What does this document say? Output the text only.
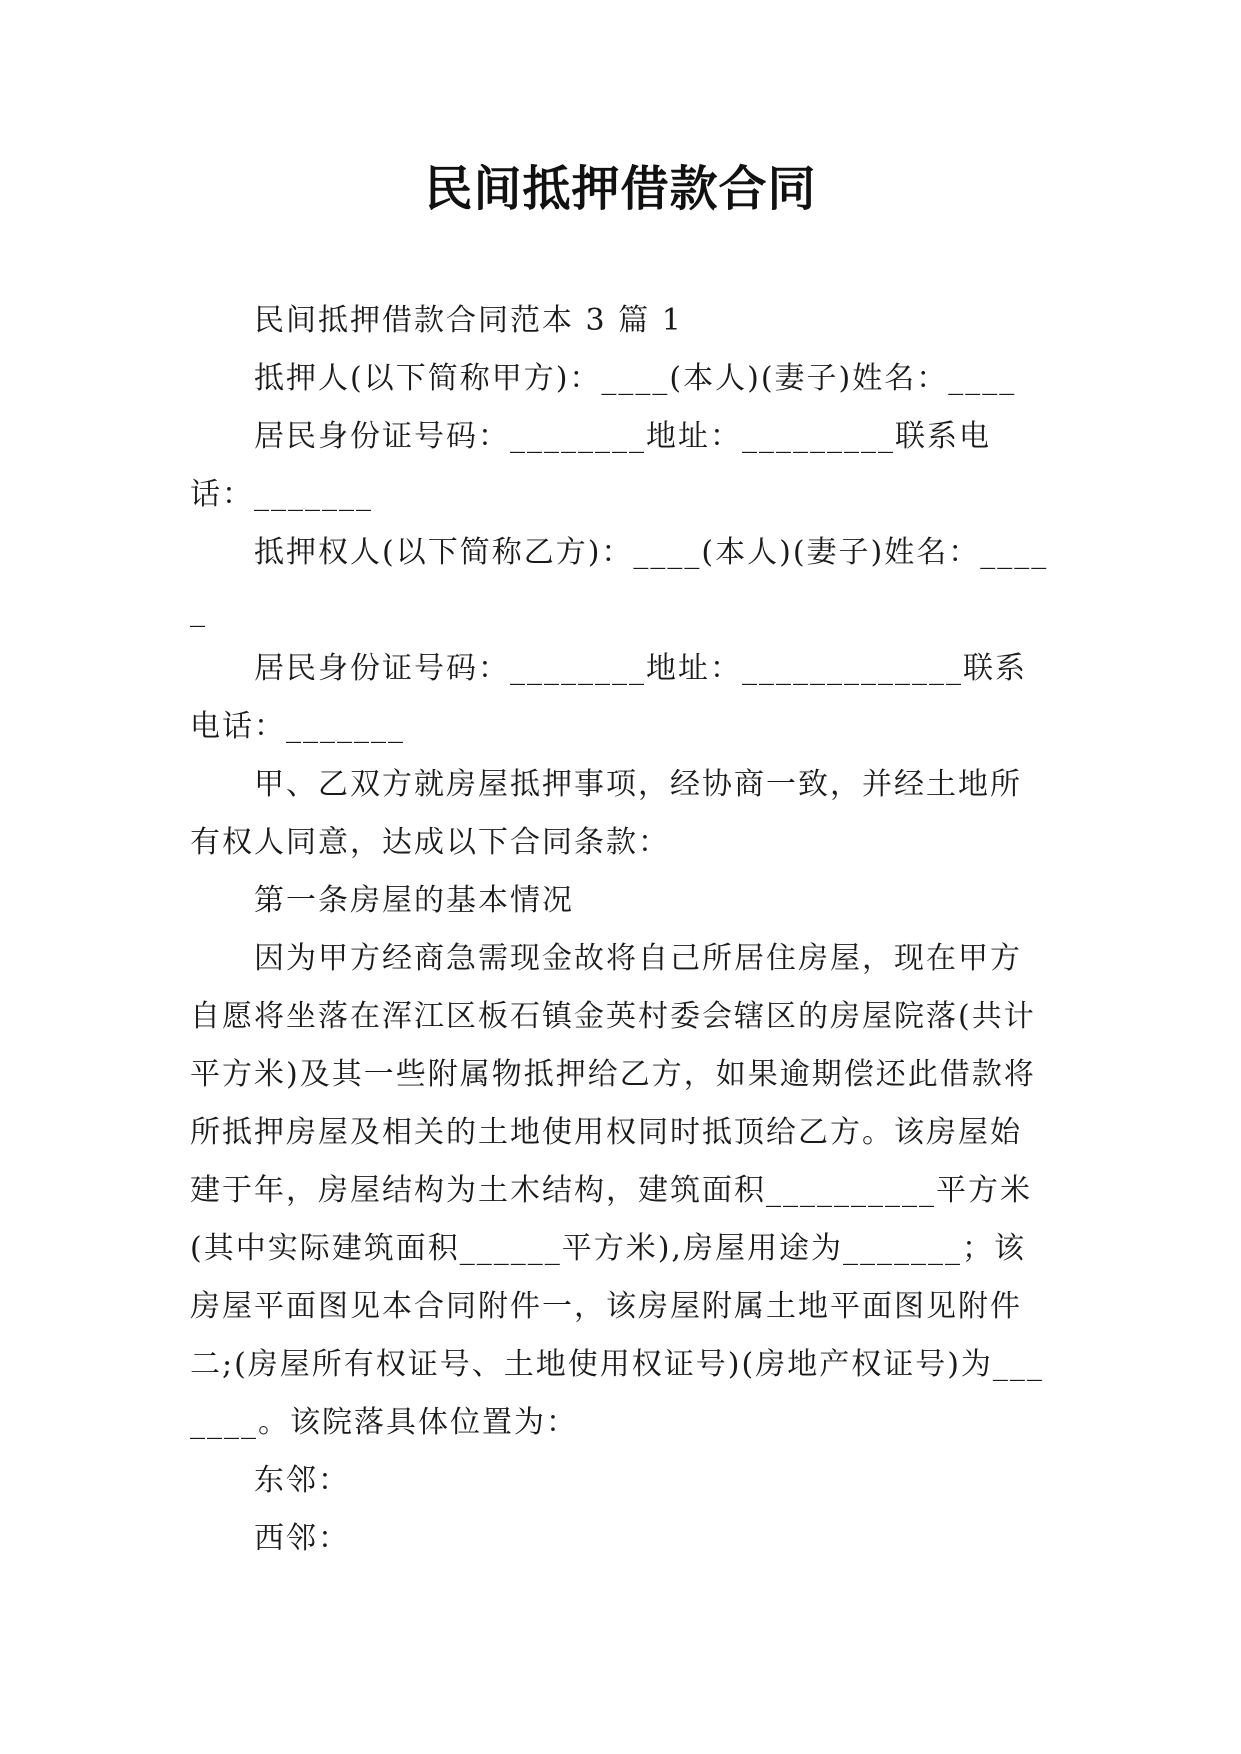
民间抵押借款合同

民间抵押借款合同范本 3 篇 1

抵押人(以下简称甲方)：____(本人)(妻子)姓名：____

居民身份证号码：________地址：_________联系电话：_______

抵押权人(以下简称乙方)：____(本人)(妻子)姓名：_____

居民身份证号码：________地址：_____________联系电话：_______

甲、乙双方就房屋抵押事项，经协商一致，并经土地所有权人同意，达成以下合同条款：

第一条房屋的基本情况

因为甲方经商急需现金故将自己所居住房屋，现在甲方自愿将坐落在浑江区板石镇金英村委会辖区的房屋院落(共计平方米)及其一些附属物抵押给乙方，如果逾期偿还此借款将所抵押房屋及相关的土地使用权同时抵顶给乙方。该房屋始建于年，房屋结构为土木结构，建筑面积__________平方米(其中实际建筑面积______平方米),房屋用途为_______；该房屋平面图见本合同附件一，该房屋附属土地平面图见附件二;(房屋所有权证号、土地使用权证号)(房地产权证号)为_______。该院落具体位置为：

东邻：

西邻：
